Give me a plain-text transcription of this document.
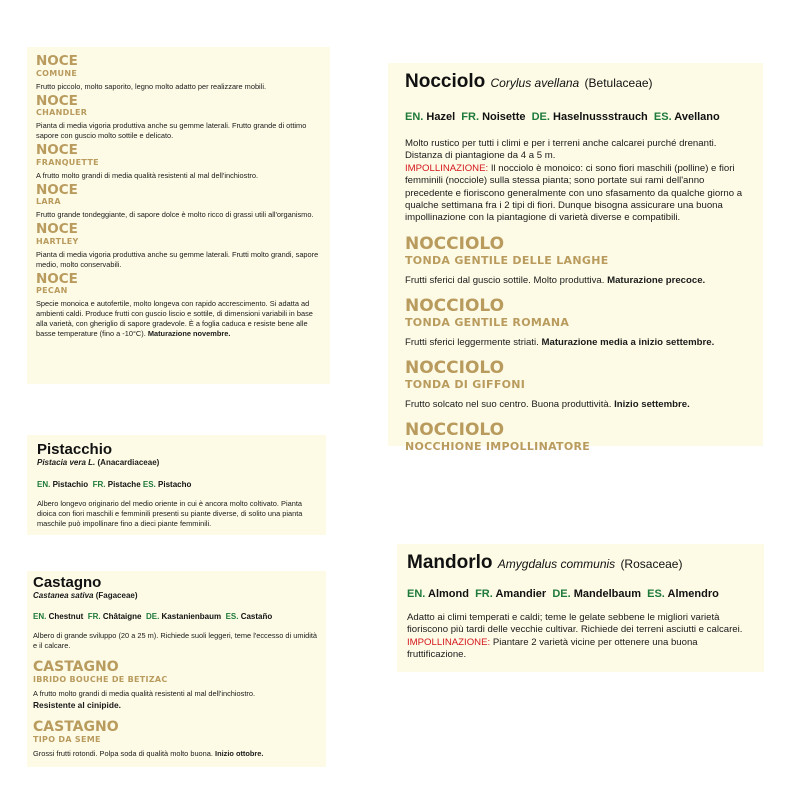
NOCE
COMUNE

Frutto piccolo, molto saporito, legno molto adatto per realizzare mobili.

NOCE
CHANDLER

Pianta di media vigoria produttiva anche su gemme laterali. Frutto grande di ottimo sapore con guscio molto sottile e delicato.

NOCE
FRANQUETTE

A frutto molto grandi di media qualità resistenti al mal dell'inchiostro.

NOCE
LARA

Frutto grande tondeggiante, di sapore dolce è molto ricco di grassi utili all'organismo.

NOCE
HARTLEY

Pianta di media vigoria produttiva anche su gemme laterali. Frutti molto grandi, sapore medio, molto conservabili.

NOCE
PECAN

Specie monoica e autofertile, molto longeva con rapido accrescimento. Si adatta ad ambienti caldi. Produce frutti con guscio liscio e sottile, di dimensioni variabili in base alla varietà, con gheriglio di sapore gradevole. È a foglia caduca e resiste bene alle basse temperature (fino a -10°C). Maturazione novembre.

Nocciolo Corylus avellana (Betulaceae)
EN. Hazel FR. Noisette DE. Haselnussstrauch ES. Avellano

Molto rustico per tutti i climi e per i terreni anche calcarei purché drenanti. Distanza di piantagione da 4 a 5 m.
IMPOLLINAZIONE: Il nocciolo è monoico: ci sono fiori maschili (polline) e fiori femminili (nocciole) sulla stessa pianta; sono portate sui rami dell'anno precedente e fioriscono generalmente con uno sfasamento da qualche giorno a qualche settimana fra i 2 tipi di fiori. Dunque bisogna assicurare una buona impollinazione con la piantagione di varietà diverse e compatibili.

NOCCIOLO
TONDA GENTILE DELLE LANGHE

Frutti sferici dal guscio sottile. Molto produttiva. Maturazione precoce.

NOCCIOLO
TONDA GENTILE ROMANA

Frutti sferici leggermente striati. Maturazione media a inizio settembre.

NOCCIOLO
TONDA DI GIFFONI

Frutto solcato nel suo centro. Buona produttività. Inizio settembre.

NOCCIOLO
NOCCHIONE IMPOLLINATORE
Pistacchio
Pistacia vera L. (Anacardiaceae)
EN. Pistachio FR. Pistache ES. Pistacho

Albero longevo originario del medio oriente in cui è ancora molto coltivato. Pianta dioica con fiori maschili e femminili presenti su piante diverse, di solito una pianta maschile può impollinare fino a dieci piante femminili.

Castagno
Castanea sativa (Fagaceae)
EN. Chestnut FR. Châtaigne DE. Kastanienbaum ES. Castaño

Albero di grande sviluppo (20 a 25 m). Richiede suoli leggeri, teme l'eccesso di umidità e il calcare.

CASTAGNO
IBRIDO BOUCHE DE BETIZAC

A frutto molto grandi di media qualità resistenti al mal dell'inchiostro.
Resistente al cinipide.

CASTAGNO
TIPO DA SEME

Grossi frutti rotondi. Polpa soda di qualità molto buona. Inizio ottobre.

Mandorlo Amygdalus communis (Rosaceae)
EN. Almond FR. Amandier DE. Mandelbaum ES. Almendro

Adatto ai climi temperati e caldi; teme le gelate sebbene le migliori varietà fioriscono più tardi delle vecchie cultivar. Richiede dei terreni asciutti e calcarei.
IMPOLLINAZIONE: Piantare 2 varietà vicine per ottenere una buona fruttificazione.
